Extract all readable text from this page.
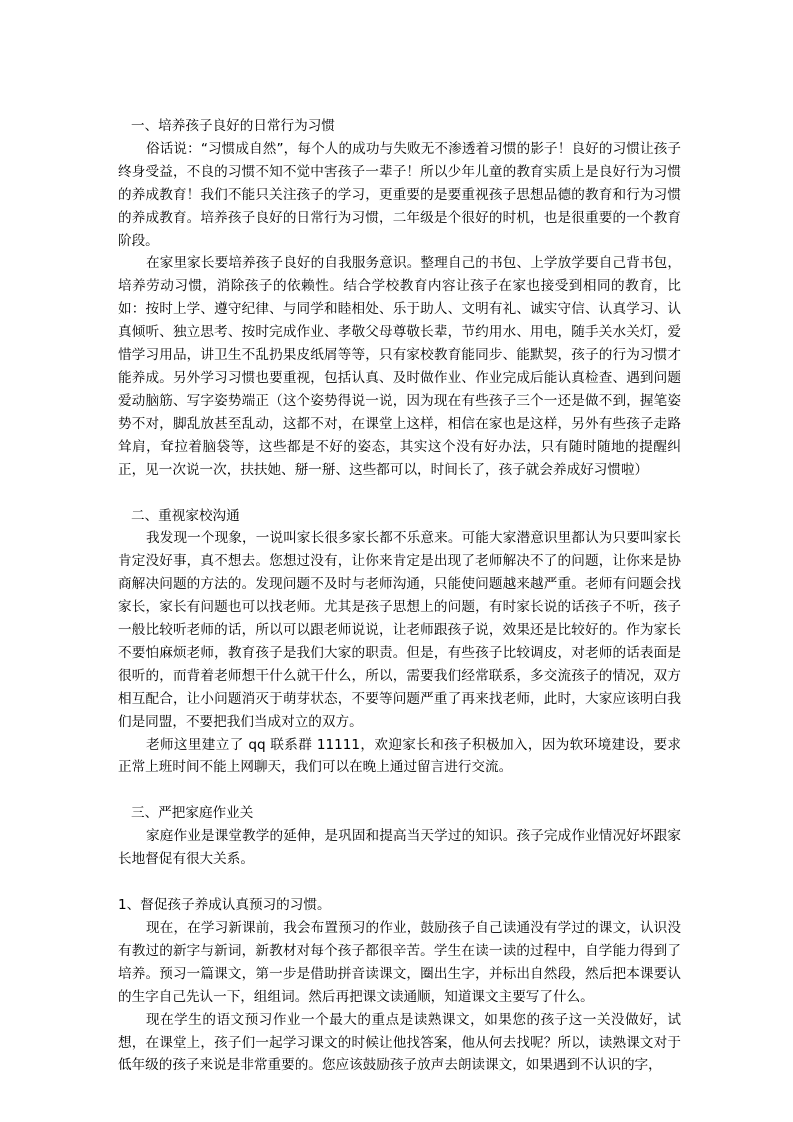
一、培养孩子良好的日常行为习惯

俗话说：“习惯成自然”，每个人的成功与失败无不渗透着习惯的影子！良好的习惯让孩子终身受益，不良的习惯不知不觉中害孩子一辈子！所以少年儿童的教育实质上是良好行为习惯的养成教育！我们不能只关注孩子的学习，更重要的是要重视孩子思想品德的教育和行为习惯的养成教育。培养孩子良好的日常行为习惯，二年级是个很好的时机，也是很重要的一个教育阶段。

在家里家长要培养孩子良好的自我服务意识。整理自己的书包、上学放学要自己背书包，培养劳动习惯，消除孩子的依赖性。结合学校教育内容让孩子在家也接受到相同的教育，比如：按时上学、遵守纪律、与同学和睦相处、乐于助人、文明有礼、诚实守信、认真学习、认真倾听、独立思考、按时完成作业、孝敬父母尊敬长辈，节约用水、用电，随手关水关灯，爱惜学习用品，讲卫生不乱扔果皮纸屑等等，只有家校教育能同步、能默契，孩子的行为习惯才能养成。另外学习习惯也要重视，包括认真、及时做作业、作业完成后能认真检查、遇到问题爱动脑筋、写字姿势端正（这个姿势得说一说，因为现在有些孩子三个一还是做不到，握笔姿势不对，脚乱放甚至乱动，这都不对，在课堂上这样，相信在家也是这样，另外有些孩子走路耸肩，耷拉着脑袋等，这些都是不好的姿态，其实这个没有好办法，只有随时随地的提醒纠正，见一次说一次，扶扶她、掰一掰、这些都可以，时间长了，孩子就会养成好习惯啦）

二、重视家校沟通

我发现一个现象，一说叫家长很多家长都不乐意来。可能大家潜意识里都认为只要叫家长肯定没好事，真不想去。您想过没有，让你来肯定是出现了老师解决不了的问题，让你来是协商解决问题的方法的。发现问题不及时与老师沟通，只能使问题越来越严重。老师有问题会找家长，家长有问题也可以找老师。尤其是孩子思想上的问题，有时家长说的话孩子不听，孩子一般比较听老师的话，所以可以跟老师说说，让老师跟孩子说，效果还是比较好的。作为家长不要怕麻烦老师，教育孩子是我们大家的职责。但是，有些孩子比较调皮，对老师的话表面是很听的，而背着老师想干什么就干什么，所以，需要我们经常联系，多交流孩子的情况，双方相互配合，让小问题消灭于萌芽状态，不要等问题严重了再来找老师，此时，大家应该明白我们是同盟，不要把我们当成对立的双方。

老师这里建立了 qq 联系群 11111，欢迎家长和孩子积极加入，因为软环境建设，要求正常上班时间不能上网聊天，我们可以在晚上通过留言进行交流。

三、严把家庭作业关

家庭作业是课堂教学的延伸，是巩固和提高当天学过的知识。孩子完成作业情况好坏跟家长地督促有很大关系。

1、督促孩子养成认真预习的习惯。

现在，在学习新课前，我会布置预习的作业，鼓励孩子自己读通没有学过的课文，认识没有教过的新字与新词，新教材对每个孩子都很辛苦。学生在读一读的过程中，自学能力得到了培养。预习一篇课文，第一步是借助拼音读课文，圈出生字，并标出自然段，然后把本课要认的生字自己先认一下，组组词。然后再把课文读通顺，知道课文主要写了什么。

现在学生的语文预习作业一个最大的重点是读熟课文，如果您的孩子这一关没做好，试想，在课堂上，孩子们一起学习课文的时候让他找答案，他从何去找呢？所以，读熟课文对于低年级的孩子来说是非常重要的。您应该鼓励孩子放声去朗读课文，如果遇到不认识的字，
